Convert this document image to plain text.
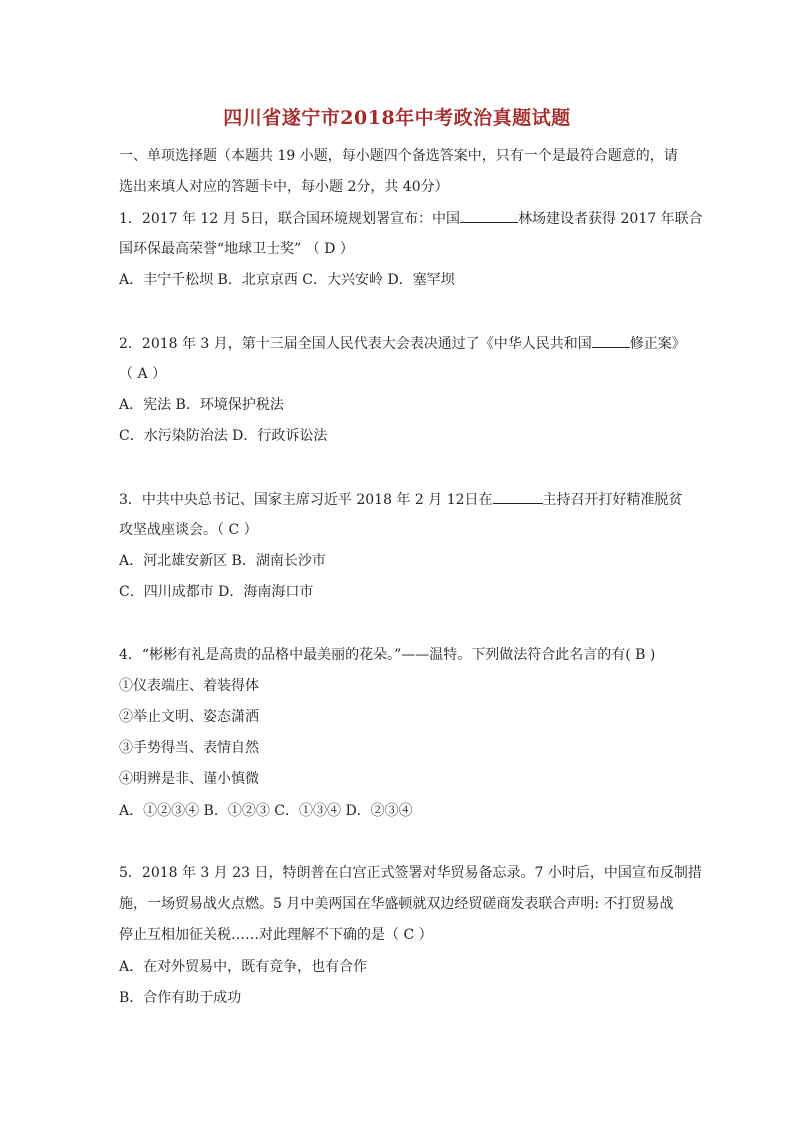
四川省遂宁市2018年中考政治真题试题
一、单项选择题（本题共 19 小题，每小题四个备选答案中，只有一个是最符合题意的，请
选出来填人对应的答题卡中，每小题 2分，共 40分）
1．2017 年 12 月 5日，联合国环境规划署宣布：中国	林场建设者获得 2017 年联合
国环保最高荣誉“地球卫士奖” （ D ）
A．丰宁千松坝 B．北京京西 C．大兴安岭 D．塞罕坝
2．2018 年 3 月，第十三届全国人民代表大会表决通过了《中华人民共和国	修正案》
（ A ）
A．宪法 B．环境保护税法
C．水污染防治法 D．行政诉讼法
3．中共中央总书记、国家主席习近平 2018 年 2 月 12日在	主持召开打好精准脱贫
攻坚战座谈会。（ C ）
A．河北雄安新区 B．湖南长沙市
C．四川成都市 D．海南海口市
4．“彬彬有礼是高贵的品格中最美丽的花朵。”——温特。下列做法符合此名言的有( B )
①仪表端庄、着装得体
②举止文明、姿态潇洒
③手势得当、表情自然
④明辨是非、谨小慎微
A．①②③④ B．①②③ C．①③④ D．②③④
5．2018 年 3 月 23 日，特朗普在白宫正式签署对华贸易备忘录。7 小时后，中国宣布反制措
施，一场贸易战火点燃。5 月中美两国在华盛顿就双边经贸磋商发表联合声明: 不打贸易战
停止互相加征关税……对此理解不下确的是（ C ）
A．在对外贸易中，既有竞争，也有合作
B．合作有助于成功
